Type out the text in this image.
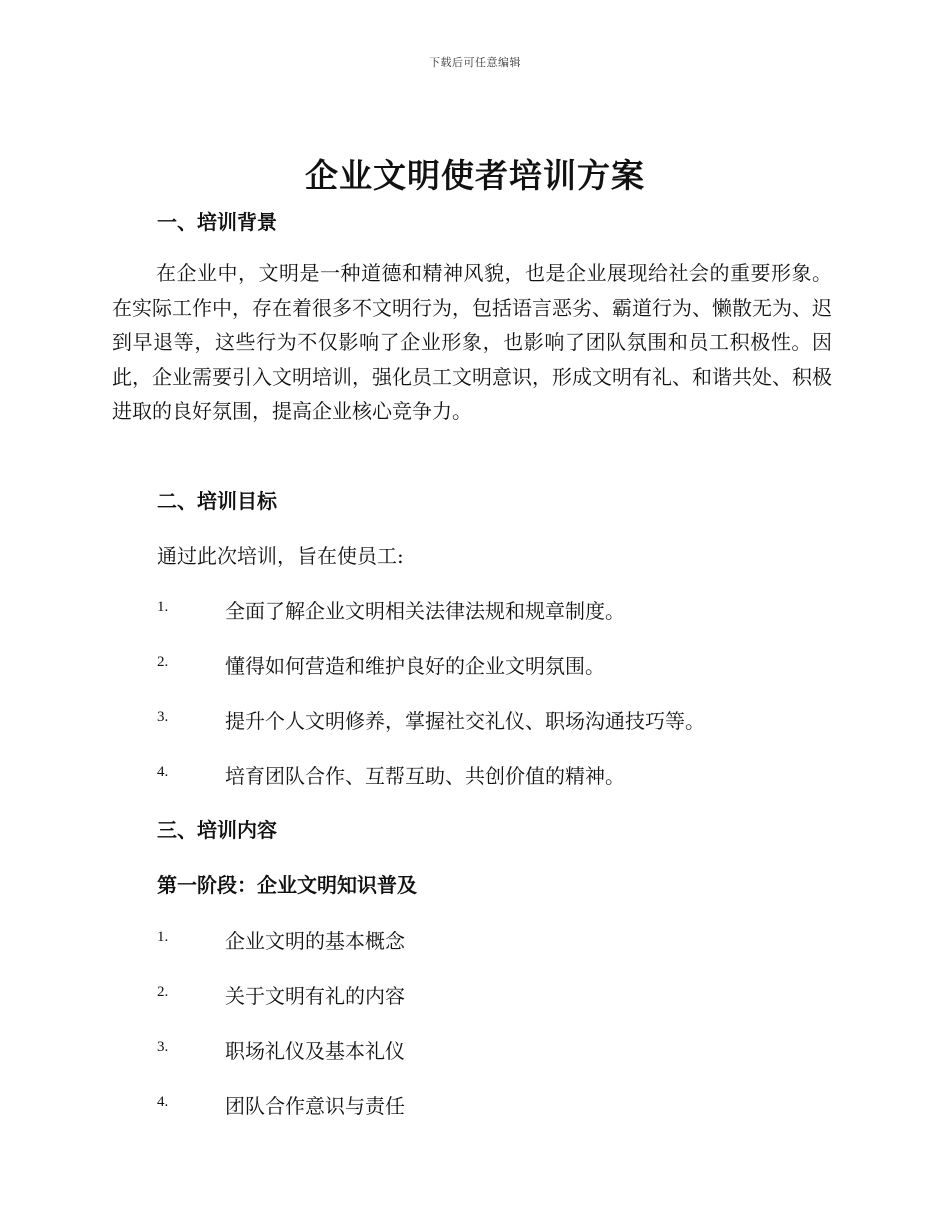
下载后可任意编辑
企业文明使者培训方案
一、培训背景
在企业中，文明是一种道德和精神风貌，也是企业展现给社会的重要形象。在实际工作中，存在着很多不文明行为，包括语言恶劣、霸道行为、懒散无为、迟到早退等，这些行为不仅影响了企业形象，也影响了团队氛围和员工积极性。因此，企业需要引入文明培训，强化员工文明意识，形成文明有礼、和谐共处、积极进取的良好氛围，提高企业核心竞争力。
二、培训目标
通过此次培训，旨在使员工:
1.	全面了解企业文明相关法律法规和规章制度。
2.	懂得如何营造和维护良好的企业文明氛围。
3.	提升个人文明修养，掌握社交礼仪、职场沟通技巧等。
4.	培育团队合作、互帮互助、共创价值的精神。
三、培训内容
第一阶段：企业文明知识普及
1.	企业文明的基本概念
2.	关于文明有礼的内容
3.	职场礼仪及基本礼仪
4.	团队合作意识与责任
